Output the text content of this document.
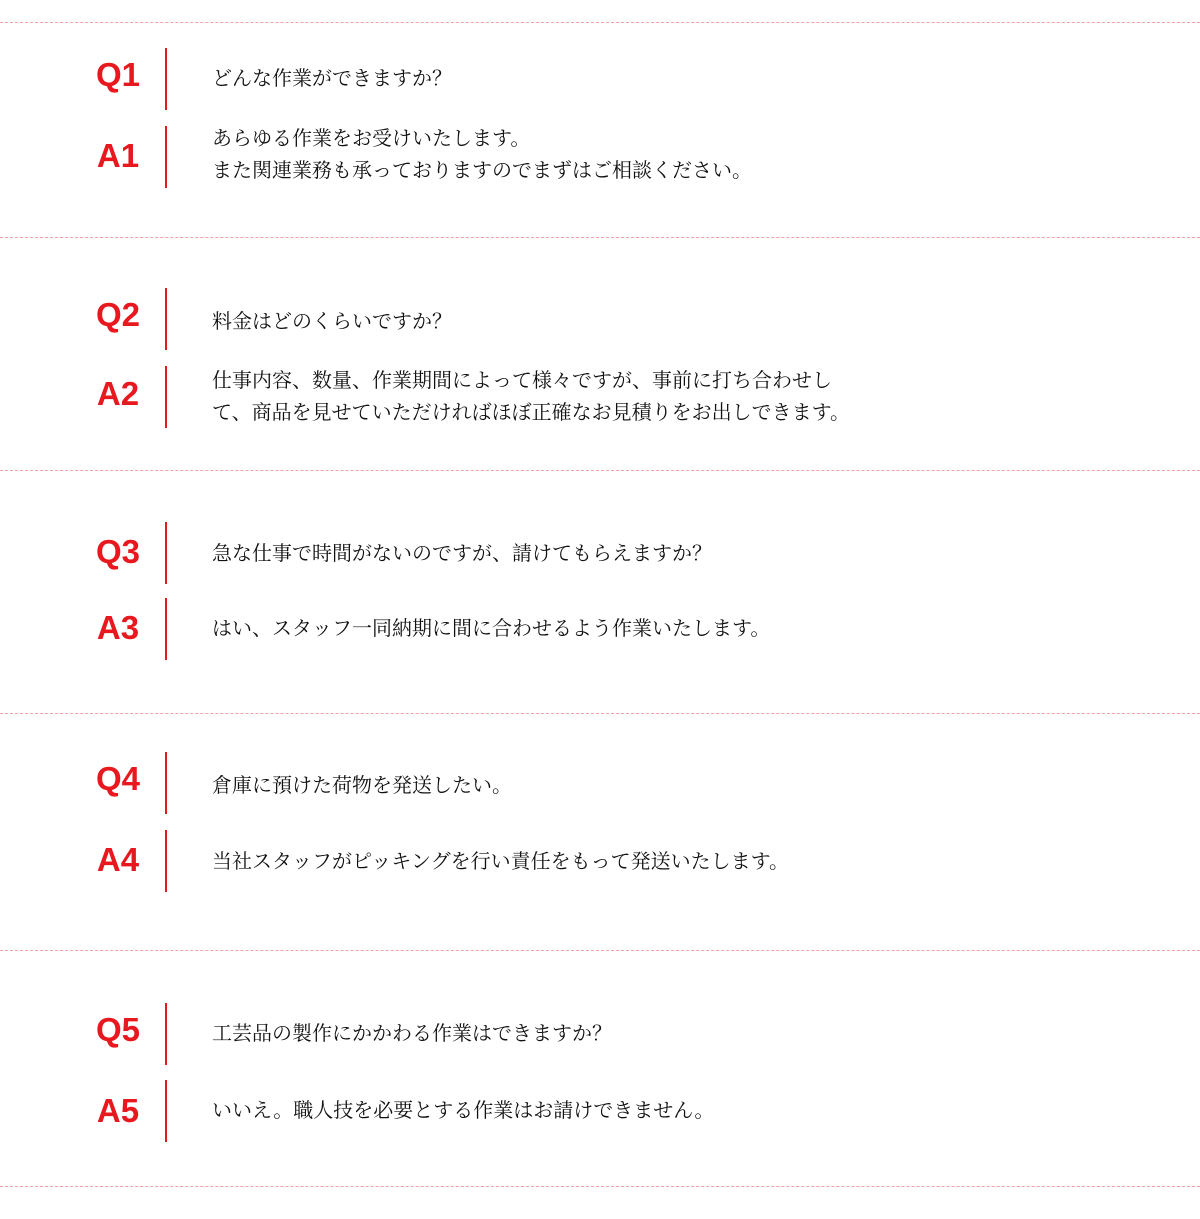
Q1	どんな作業ができますか？
A1	あらゆる作業をお受けいたします。
また関連業務も承っておりますのでまずはご相談ください。
Q2	料金はどのくらいですか？
A2	仕事内容、数量、作業期間によって様々ですが、事前に打ち合わせし
て、商品を見せていただければほぼ正確なお見積りをお出しできます。
Q3	急な仕事で時間がないのですが、請けてもらえますか？
A3	はい、スタッフ一同納期に間に合わせるよう作業いたします。
Q4	倉庫に預けた荷物を発送したい。
A4	当社スタッフがピッキングを行い責任をもって発送いたします。
Q5	工芸品の製作にかかわる作業はできますか？
A5	いいえ。職人技を必要とする作業はお請けできません。
